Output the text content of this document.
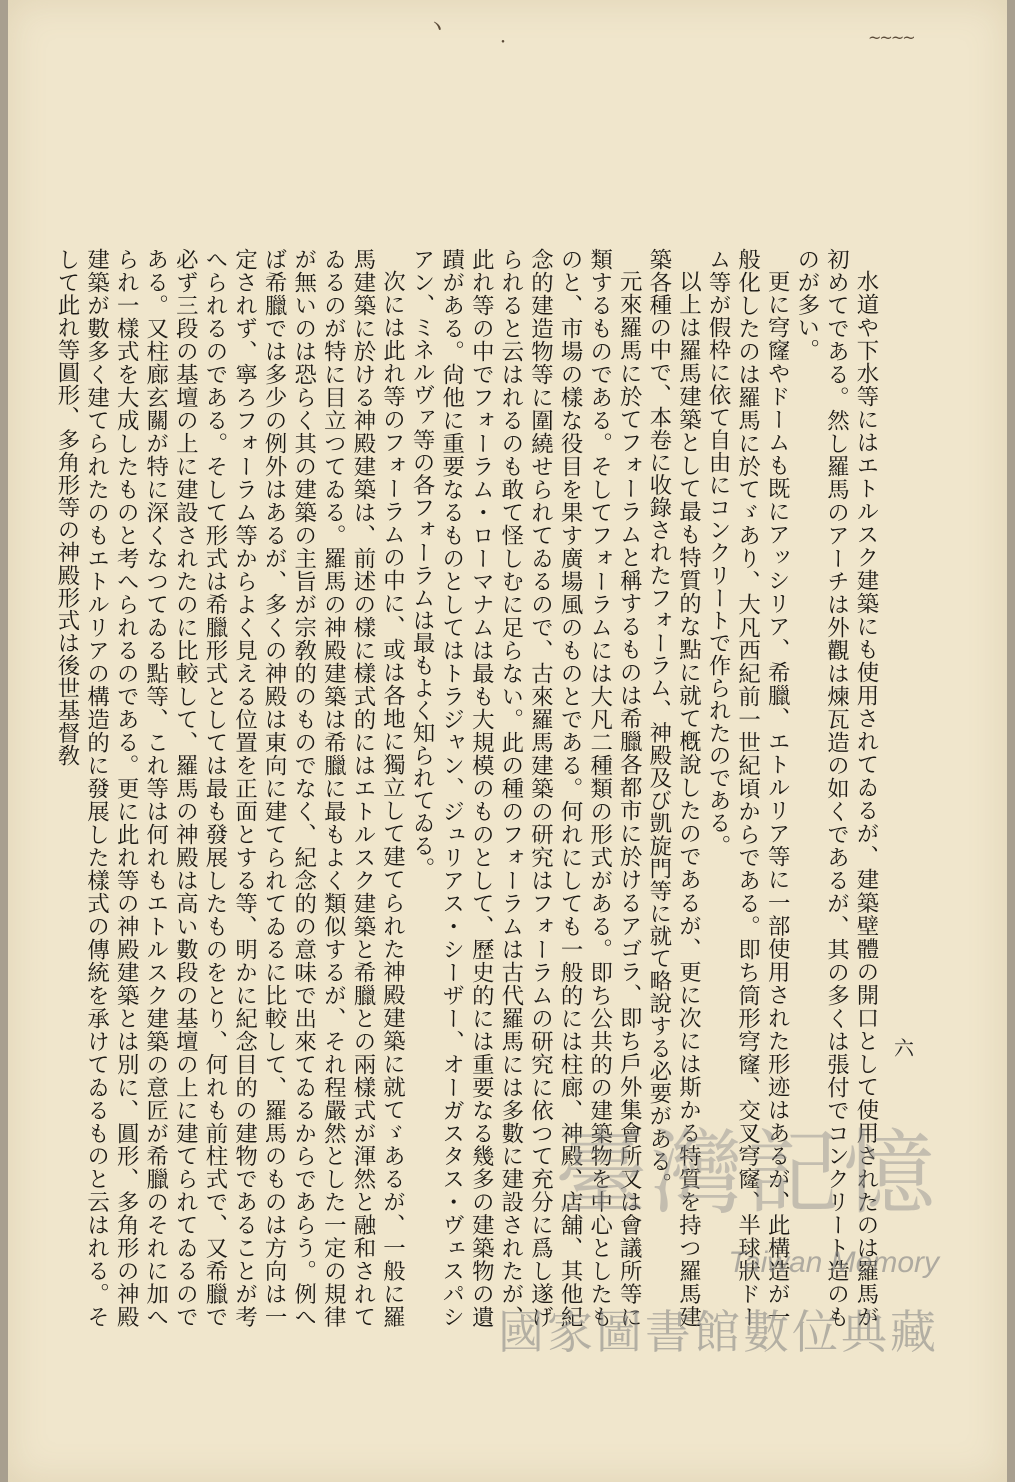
ヽ
・	~~~~
六

水道や下水等にはエトルスク建築にも使用されてゐるが、建築壁體の開口として使用されたのは羅馬が初めてである。然し羅馬のアーチは外觀は煉瓦造の如くであるが、其の多くは張付でコンクリート造のものが多い。

更に穹窿やドームも既にアッシリア、希臘、エトルリア等に一部使用された形迹はあるが、此構造が一般化したのは羅馬に於てゞあり、大凡西紀前一世紀頃からである。即ち筒形穹窿、交叉穹窿、半球狀ドーム等が假枠に依て自由にコンクリートで作られたのである。

以上は羅馬建築として最も特質的な點に就て槪說したのであるが、更に次には斯かる特質を持つ羅馬建築各種の中で、本卷に收錄されたフォーラム、神殿及び凱旋門等に就て略說する必要がある。

元來羅馬に於てフォーラムと稱するものは希臘各都市に於けるアゴラ、即ち戶外集會所又は會議所等に類するものである。そしてフォーラムには大凡二種類の形式がある。即ち公共的の建築物を中心としたものと、市場の樣な役目を果す廣場風のものとである。何れにしても一般的には柱廊、神殿、店舖、其他紀念的建造物等に圍繞せられてゐるので、古來羅馬建築の研究はフォーラムの研究に依つて充分に爲し遂げられると云はれるのも敢て怪しむに足らない。此の種のフォーラムは古代羅馬には多數に建設されたが、此れ等の中でフォーラム・ローマナムは最も大規模のものとして、歷史的には重要なる幾多の建築物の遺蹟がある。尙他に重要なるものとしてはトラジャン、ジュリアス・シーザー、オーガスタス・ヴェスパシアン、ミネルヴァ等の各フォーラムは最もよく知られてゐる。

次には此れ等のフォーラムの中に、或は各地に獨立して建てられた神殿建築に就てゞあるが、一般に羅馬建築に於ける神殿建築は、前述の樣に樣式的にはエトルスク建築と希臘との兩樣式が渾然と融和されてゐるのが特に目立つてゐる。羅馬の神殿建築は希臘に最もよく類似するが、それ程嚴然とした一定の規律が無いのは恐らく其の建築の主旨が宗敎的のものでなく、紀念的の意味で出來てゐるからであらう。例へば希臘では多少の例外はあるが、多くの神殿は東向に建てられてゐるに比較して、羅馬のものは方向は一定されず、寧ろフォーラム等からよく見える位置を正面とする等、明かに紀念目的の建物であることが考へられるのである。そして形式は希臘形式としては最も發展したものをとり、何れも前柱式で、又希臘で必ず三段の基壇の上に建設されたのに比較して、羅馬の神殿は高い數段の基壇の上に建てられてゐるのである。又柱廊玄關が特に深くなつてゐる點等、これ等は何れもエトルスク建築の意匠が希臘のそれに加へられ一樣式を大成したものと考へられるのである。更に此れ等の神殿建築とは別に、圓形、多角形の神殿建築が數多く建てられたのもエトルリアの構造的に發展した樣式の傳統を承けてゐるものと云はれる。そして此れ等圓形、多角形等の神殿形式は後世基督敎

臺灣記憶
Taiwan Memory
國家圖書館數位典藏
